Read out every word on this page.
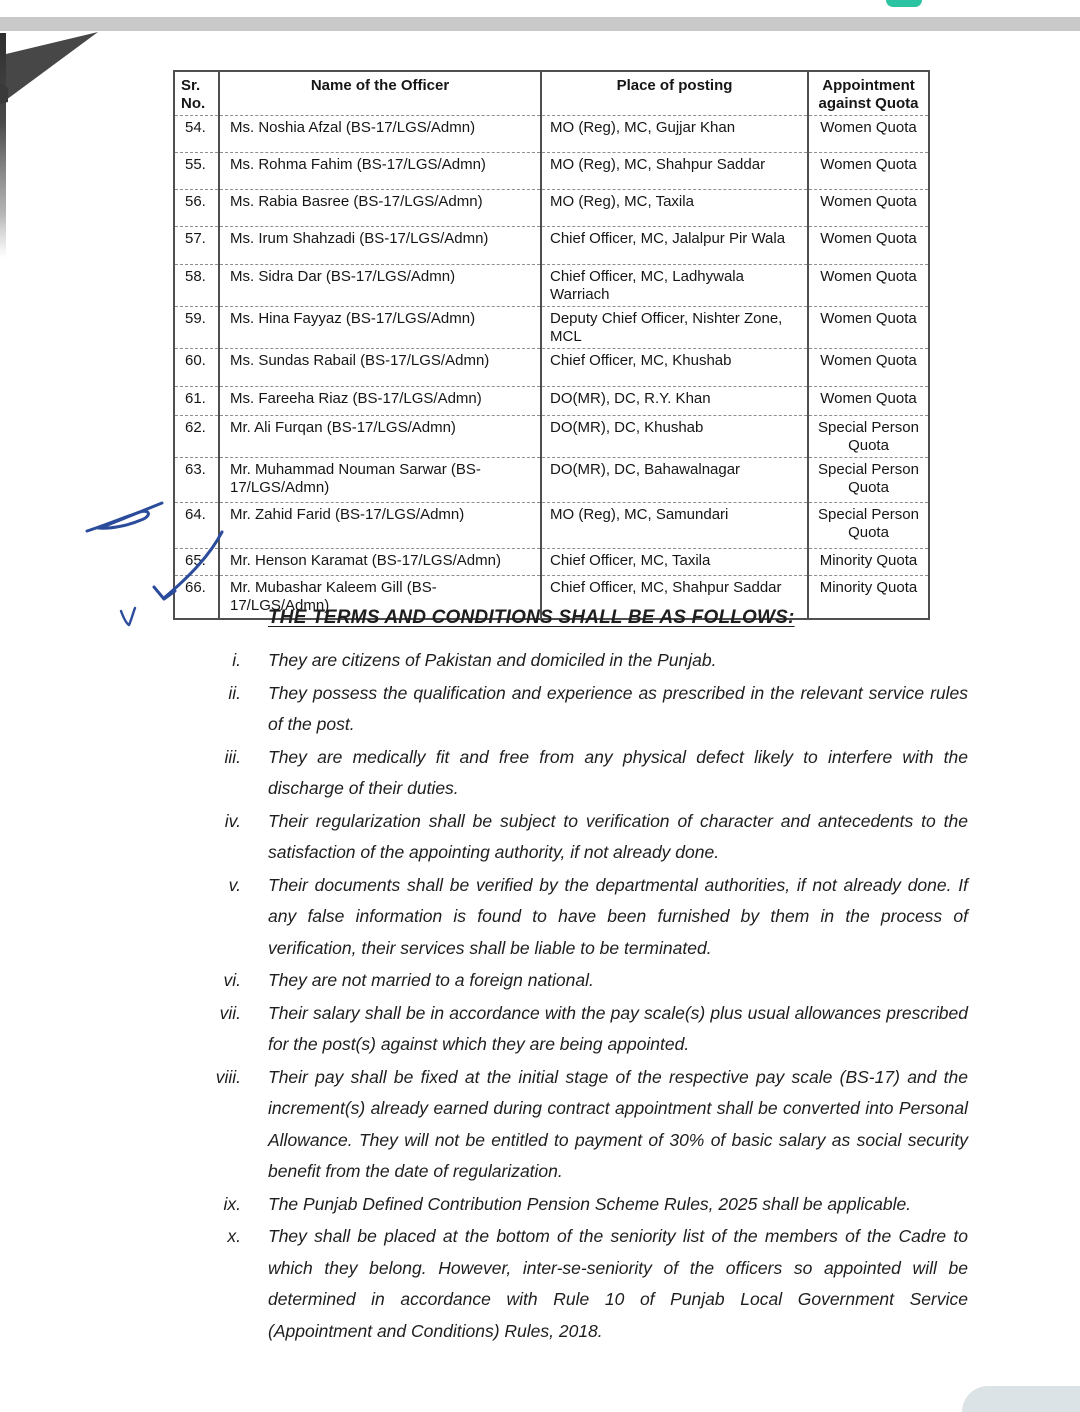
Sr. No.	Name of the Officer	Place of posting	Appointment against Quota
54.	Ms. Noshia Afzal (BS-17/LGS/Admn)	MO (Reg), MC, Gujjar Khan	Women Quota
55.	Ms. Rohma Fahim (BS-17/LGS/Admn)	MO (Reg), MC, Shahpur Saddar	Women Quota
56.	Ms. Rabia Basree (BS-17/LGS/Admn)	MO (Reg), MC, Taxila	Women Quota
57.	Ms. Irum Shahzadi (BS-17/LGS/Admn)	Chief Officer, MC, Jalalpur Pir Wala	Women Quota
58.	Ms. Sidra Dar (BS-17/LGS/Admn)	Chief Officer, MC, Ladhywala Warriach	Women Quota
59.	Ms. Hina Fayyaz (BS-17/LGS/Admn)	Deputy Chief Officer, Nishter Zone, MCL	Women Quota
60.	Ms. Sundas Rabail (BS-17/LGS/Admn)	Chief Officer, MC, Khushab	Women Quota
61.	Ms. Fareeha Riaz (BS-17/LGS/Admn)	DO(MR), DC, R.Y. Khan	Women Quota
62.	Mr. Ali Furqan (BS-17/LGS/Admn)	DO(MR), DC, Khushab	Special Person Quota
63.	Mr. Muhammad Nouman Sarwar (BS-17/LGS/Admn)	DO(MR), DC, Bahawalnagar	Special Person Quota
64.	Mr. Zahid Farid (BS-17/LGS/Admn)	MO (Reg), MC, Samundari	Special Person Quota
65.	Mr. Henson Karamat (BS-17/LGS/Admn)	Chief Officer, MC, Taxila	Minority Quota
66.	Mr. Mubashar Kaleem Gill (BS-17/LGS/Admn)	Chief Officer, MC, Shahpur Saddar	Minority Quota
THE TERMS AND CONDITIONS SHALL BE AS FOLLOWS:
i. They are citizens of Pakistan and domiciled in the Punjab.
ii. They possess the qualification and experience as prescribed in the relevant service rules of the post.
iii. They are medically fit and free from any physical defect likely to interfere with the discharge of their duties.
iv. Their regularization shall be subject to verification of character and antecedents to the satisfaction of the appointing authority, if not already done.
v. Their documents shall be verified by the departmental authorities, if not already done. If any false information is found to have been furnished by them in the process of verification, their services shall be liable to be terminated.
vi. They are not married to a foreign national.
vii. Their salary shall be in accordance with the pay scale(s) plus usual allowances prescribed for the post(s) against which they are being appointed.
viii. Their pay shall be fixed at the initial stage of the respective pay scale (BS-17) and the increment(s) already earned during contract appointment shall be converted into Personal Allowance. They will not be entitled to payment of 30% of basic salary as social security benefit from the date of regularization.
ix. The Punjab Defined Contribution Pension Scheme Rules, 2025 shall be applicable.
x. They shall be placed at the bottom of the seniority list of the members of the Cadre to which they belong. However, inter-se-seniority of the officers so appointed will be determined in accordance with Rule 10 of Punjab Local Government Service (Appointment and Conditions) Rules, 2018.
